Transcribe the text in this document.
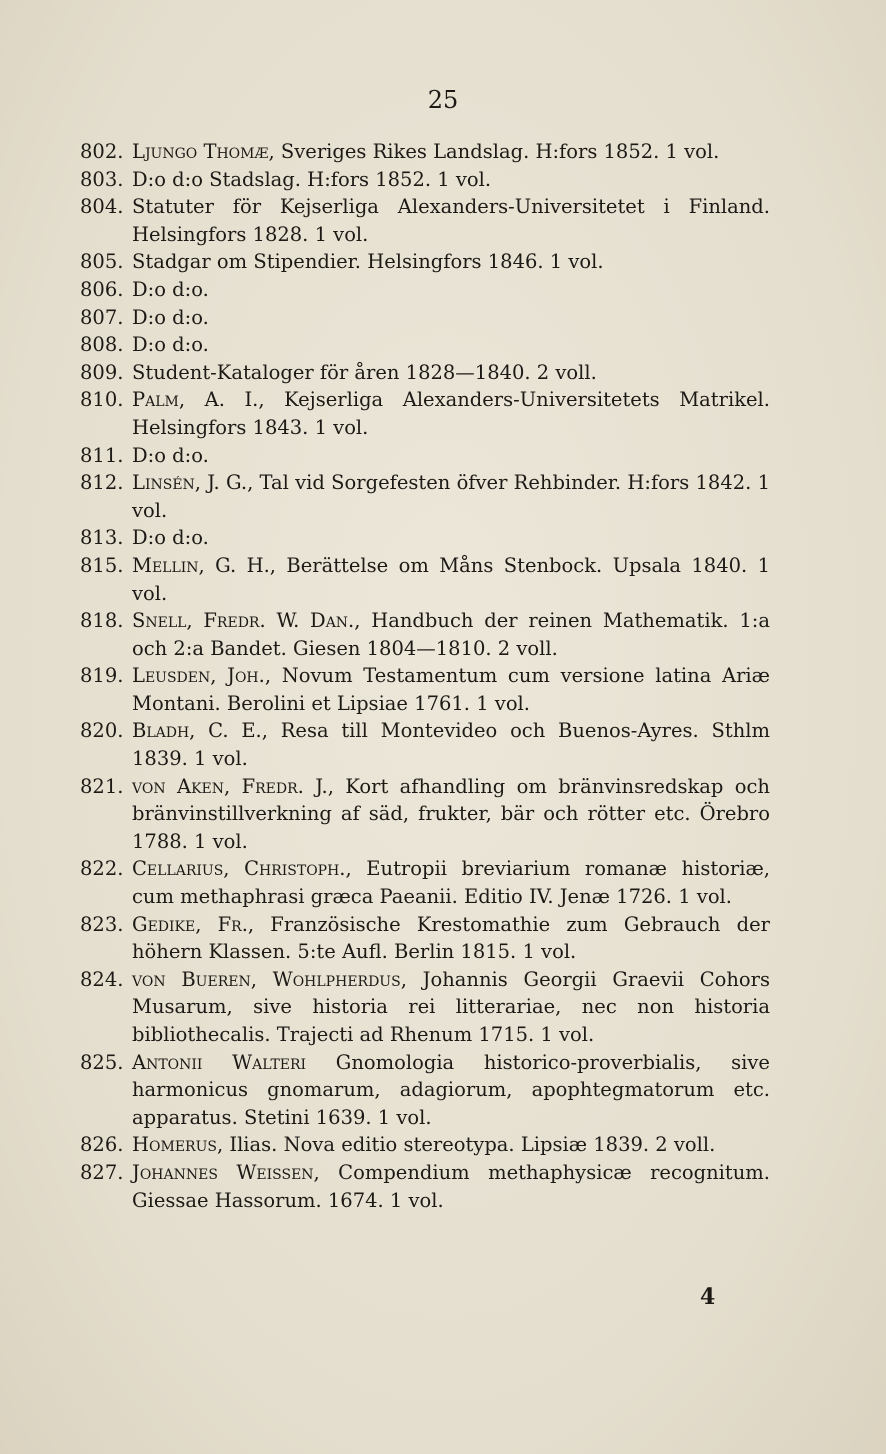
25
802. Ljungo Thomæ, Sveriges Rikes Landslag. H:fors 1852. 1 vol.
803. D:o d:o Stadslag. H:fors 1852. 1 vol.
804. Statuter för Kejserliga Alexanders-Universitetet i Finland. Helsingfors 1828. 1 vol.
805. Stadgar om Stipendier. Helsingfors 1846. 1 vol.
806. D:o d:o.
807. D:o d:o.
808. D:o d:o.
809. Student-Kataloger för åren 1828—1840. 2 voll.
810. Palm, A. I., Kejserliga Alexanders-Universitetets Matrikel. Helsingfors 1843. 1 vol.
811. D:o d:o.
812. Linsén, J. G., Tal vid Sorgefesten öfver Rehbinder. H:fors 1842. 1 vol.
813. D:o d:o.
815. Mellin, G. H., Berättelse om Måns Stenbock. Upsala 1840. 1 vol.
818. Snell, Fredr. W. Dan., Handbuch der reinen Mathematik. 1:a och 2:a Bandet. Giesen 1804—1810. 2 voll.
819. Leusden, Joh., Novum Testamentum cum versione latina Ariæ Montani. Berolini et Lipsiae 1761. 1 vol.
820. Bladh, C. E., Resa till Montevideo och Buenos-Ayres. Sthlm 1839. 1 vol.
821. von Aken, Fredr. J., Kort afhandling om bränvinsredskap och bränvinstillverkning af säd, frukter, bär och rötter etc. Örebro 1788. 1 vol.
822. Cellarius, Christoph., Eutropii breviarium romanæ historiæ, cum methaphrasi græca Paeanii. Editio IV. Jenæ 1726. 1 vol.
823. Gedike, Fr., Französische Krestomathie zum Gebrauch der höhern Klassen. 5:te Aufl. Berlin 1815. 1 vol.
824. von Bueren, Wohlpherdus, Johannis Georgii Graevii Cohors Musarum, sive historia rei litterariae, nec non historia bibliothecalis. Trajecti ad Rhenum 1715. 1 vol.
825. Antonii Walteri Gnomologia historico-proverbialis, sive harmonicus gnomarum, adagiorum, apophtegmatorum etc. apparatus. Stetini 1639. 1 vol.
826. Homerus, Ilias. Nova editio stereotypa. Lipsiæ 1839. 2 voll.
827. Johannes Weissen, Compendium methaphysicæ recognitum. Giessae Hassorum. 1674. 1 vol.
4
